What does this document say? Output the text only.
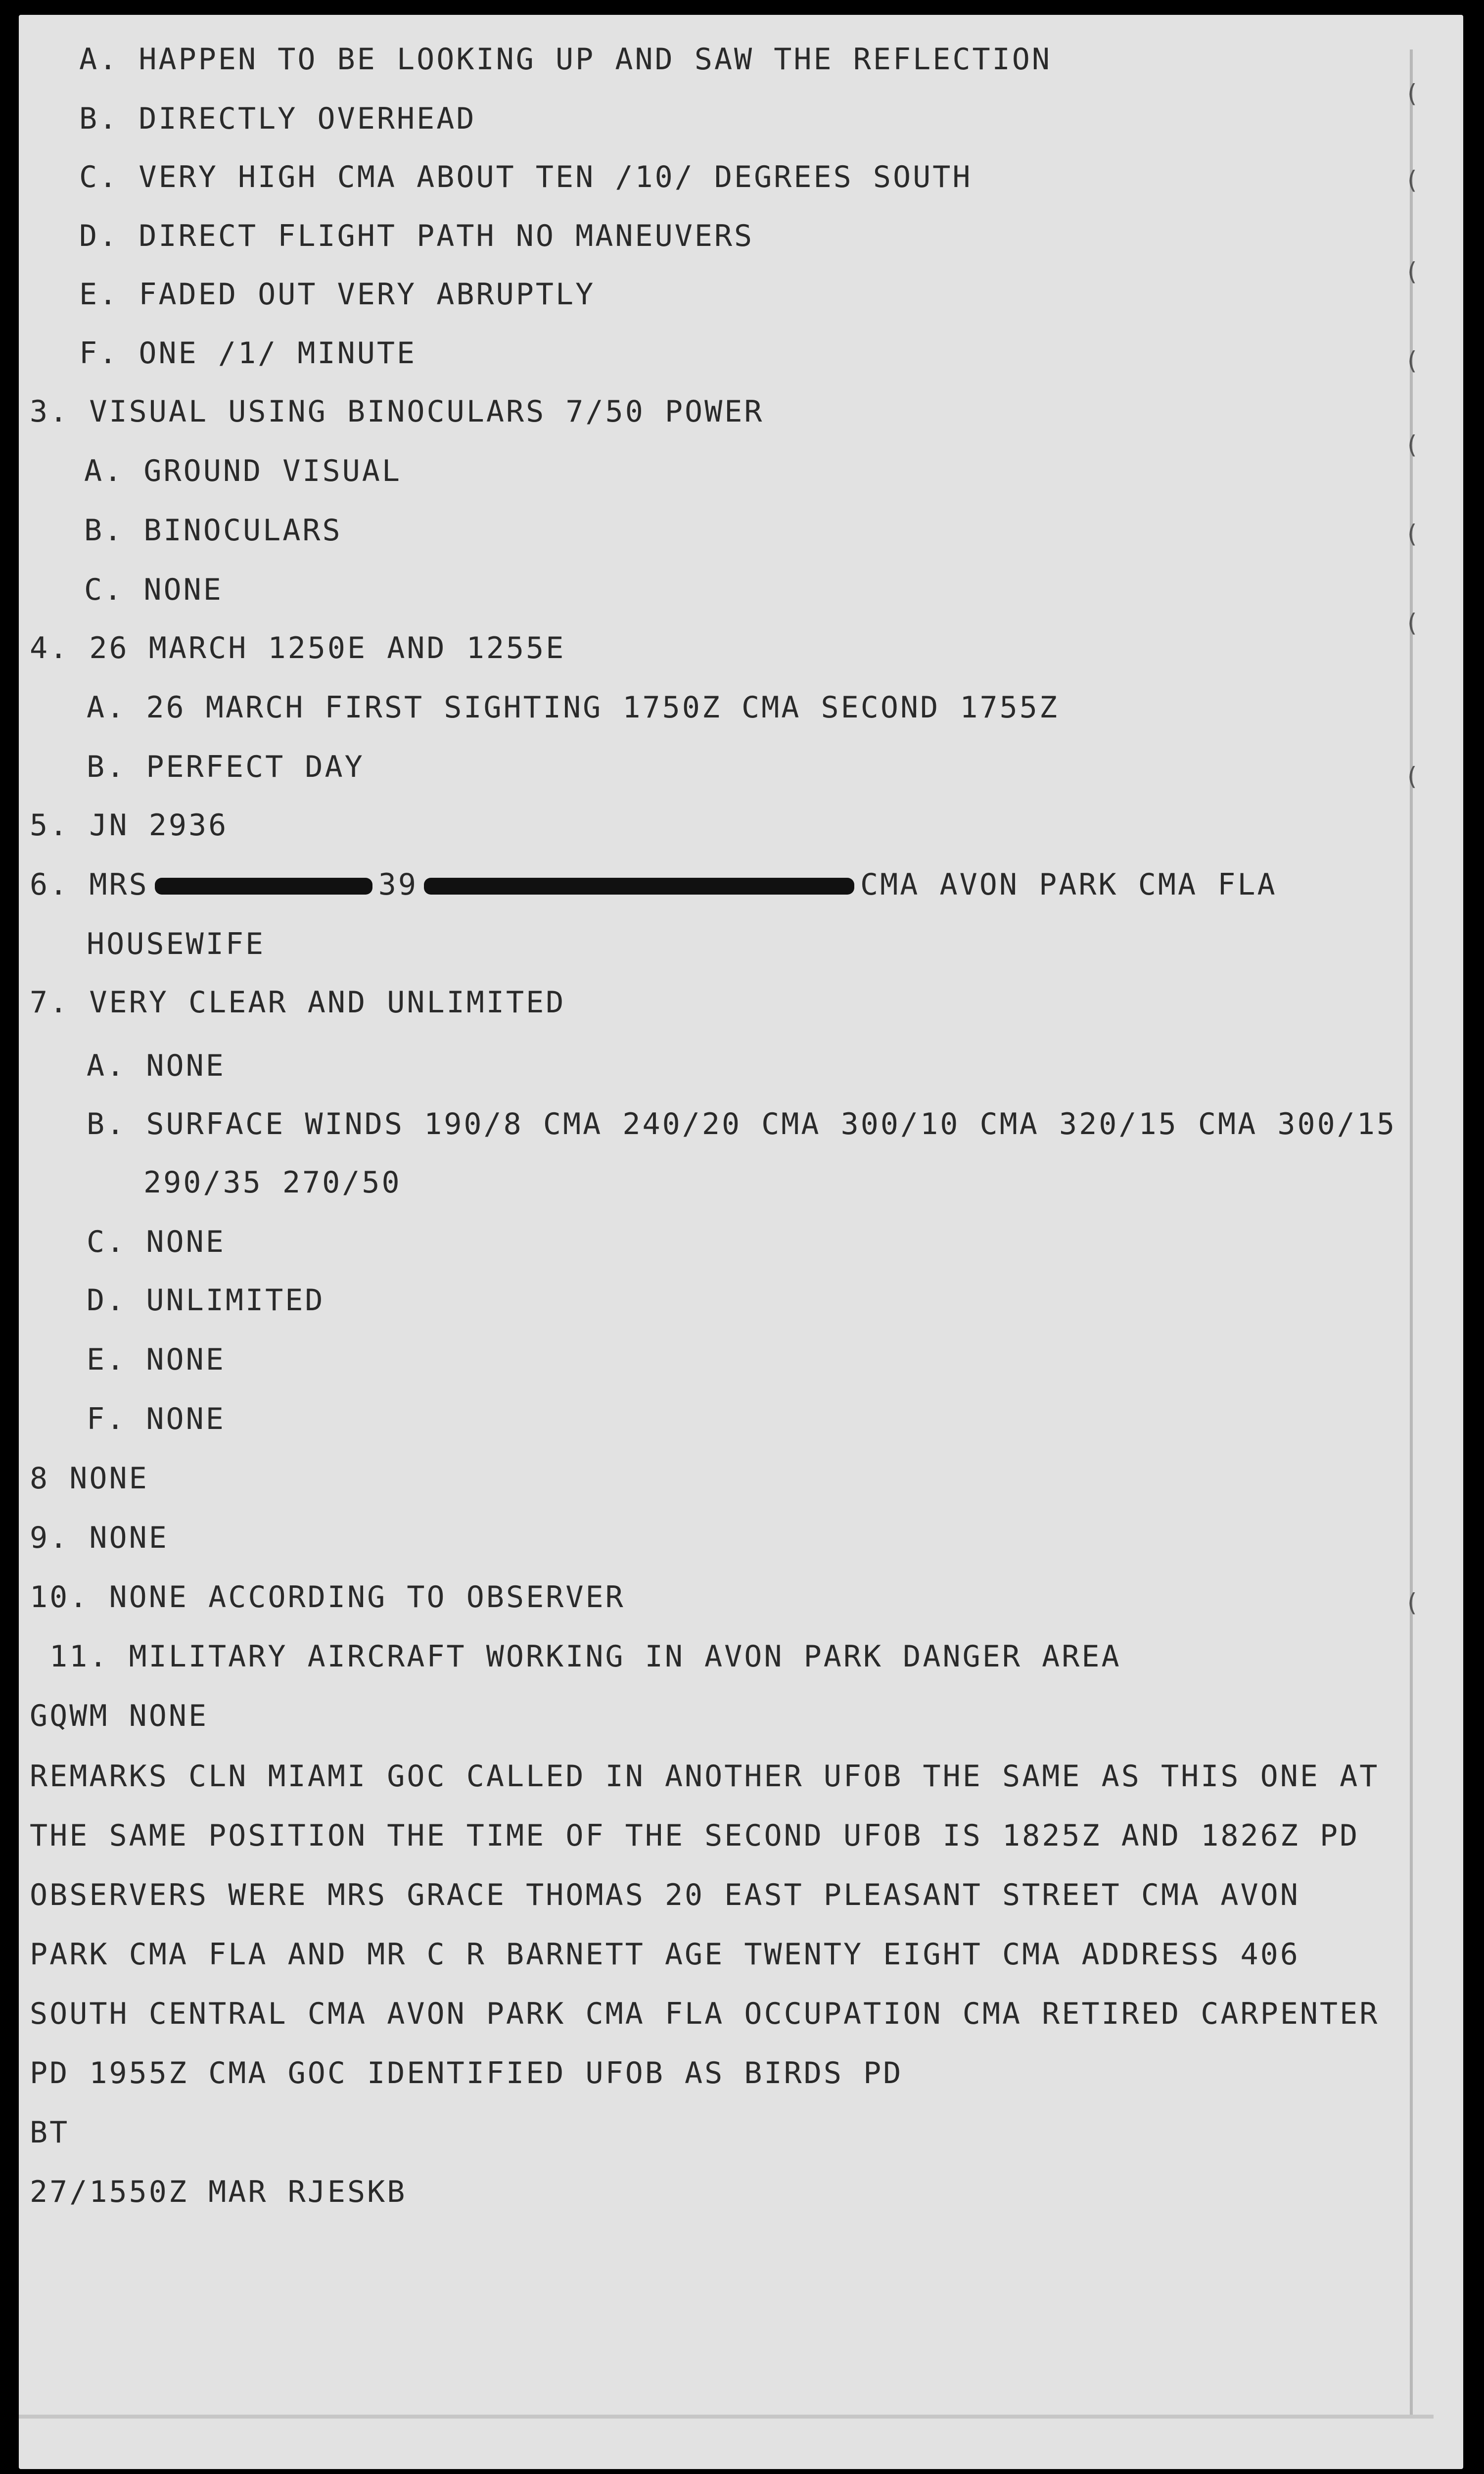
A. HAPPEN TO BE LOOKING UP AND SAW THE REFLECTION
B. DIRECTLY OVERHEAD
C. VERY HIGH CMA ABOUT TEN /10/ DEGREES SOUTH
D. DIRECT FLIGHT PATH NO MANEUVERS
E. FADED OUT VERY ABRUPTLY
F. ONE /1/ MINUTE
3. VISUAL USING BINOCULARS 7/50 POWER
A. GROUND VISUAL
B. BINOCULARS
C. NONE
4. 26 MARCH 1250E AND 1255E
A. 26 MARCH FIRST SIGHTING 1750Z CMA SECOND 1755Z
B. PERFECT DAY
5. JN 2936
6. MRS	39	CMA AVON PARK CMA FLA
HOUSEWIFE
7. VERY CLEAR AND UNLIMITED
A. NONE
B. SURFACE WINDS 190/8 CMA 240/20 CMA 300/10 CMA 320/15 CMA 300/15
290/35 270/50
C. NONE
D. UNLIMITED
E. NONE
F. NONE
8 NONE
9. NONE
10. NONE ACCORDING TO OBSERVER
11. MILITARY AIRCRAFT WORKING IN AVON PARK DANGER AREA
GQWM NONE
REMARKS CLN MIAMI GOC CALLED IN ANOTHER UFOB THE SAME AS THIS ONE AT
THE SAME POSITION THE TIME OF THE SECOND UFOB IS 1825Z AND 1826Z PD
OBSERVERS WERE MRS GRACE THOMAS 20 EAST PLEASANT STREET CMA AVON
PARK CMA FLA AND MR C R BARNETT AGE TWENTY EIGHT CMA ADDRESS 406
SOUTH CENTRAL CMA AVON PARK CMA FLA OCCUPATION CMA RETIRED CARPENTER
PD 1955Z CMA GOC IDENTIFIED UFOB AS BIRDS PD
BT
27/1550Z MAR RJESKB
(
(
(
(
(
(
(
(
(
